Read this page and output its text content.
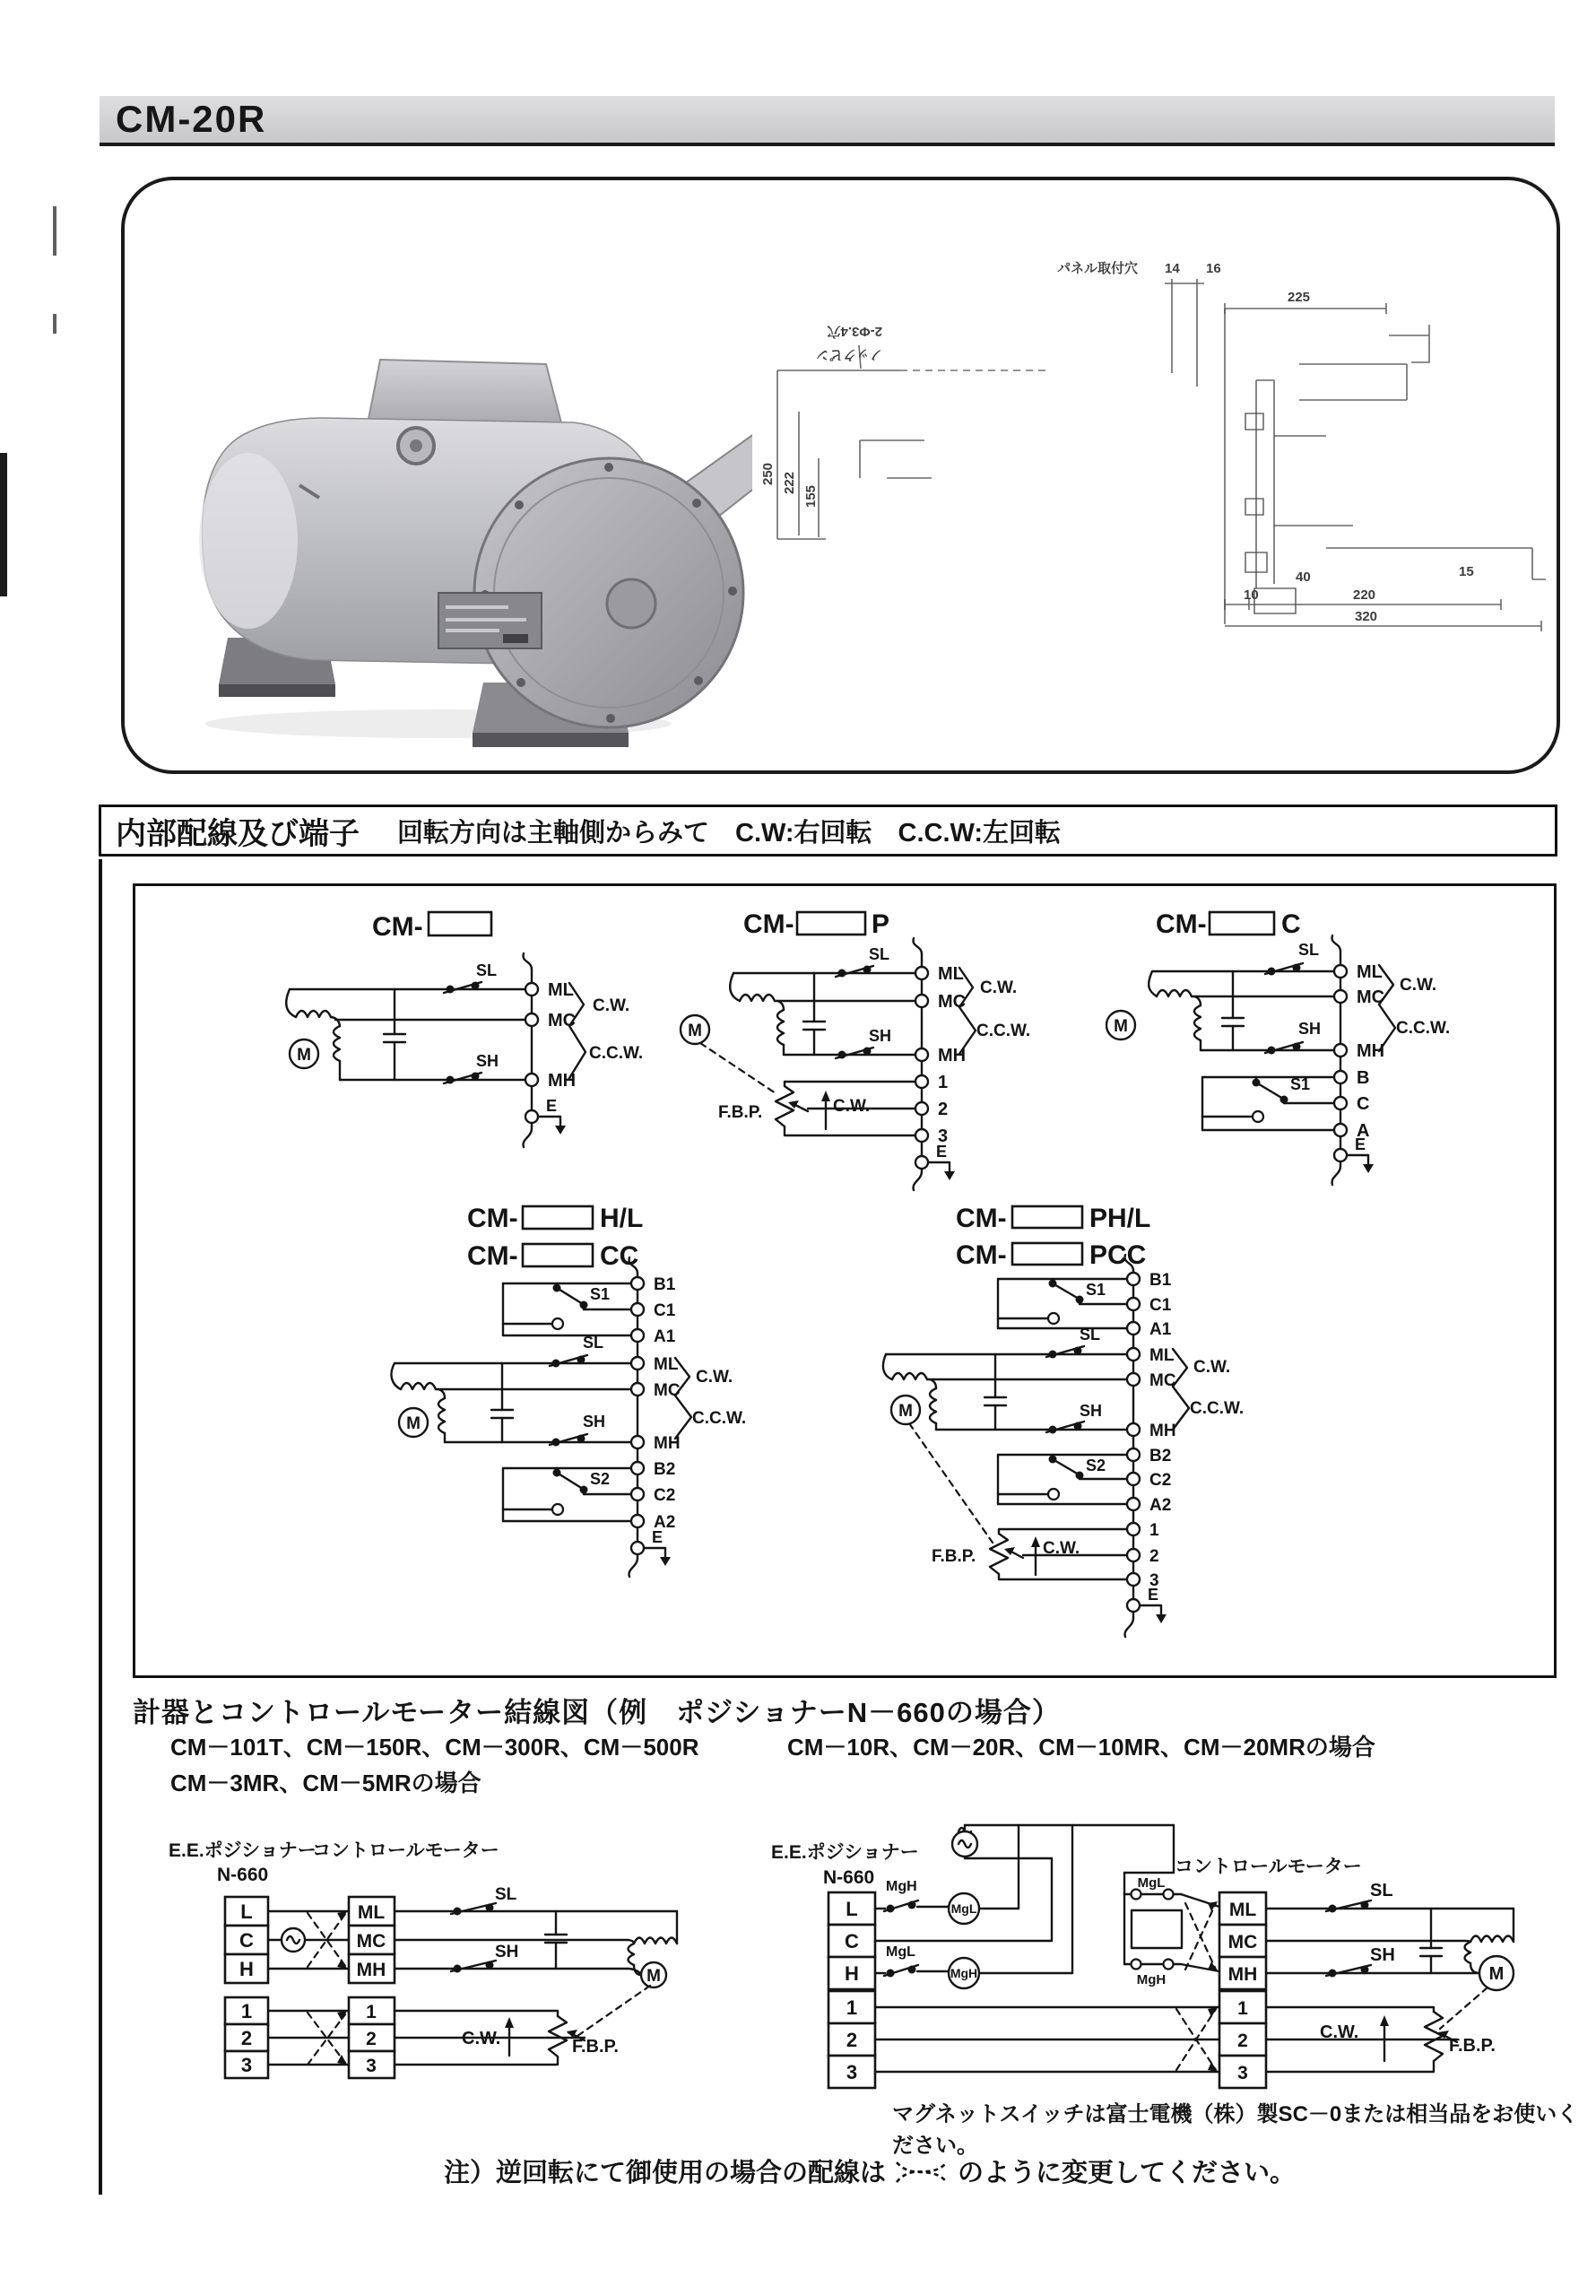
CM-20R
2-Φ3.4穴
ノックピン
250 222
155
パネル取付穴 14 16
225
15
40
10	220
320
内部配線及び端子 回転方向は主軸側からみて　C.W:右回転　C.C.W:左回転
CM-
M
ML
MC
MH
E
SL
SH
C.W.
C.C.W.
CM-	P
M
ML
MC
MH
1
2
3
E
SL
SH
C.W.
C.C.W.
C.W.
F.B.P.
CM-	C
M
ML
MC
MH
B
C
A
E
SL
SH
S1
C.W.
C.C.W.
CM-	H/L
CM-	CC
M
B1
C1
A1
ML
MC
MH
B2
C2
A2
E
S1
SL
SH
S2
C.W.
C.C.W.
CM-	PH/L
CM-	PCC
M
B1
C1
A1
ML
MC
MH
B2
C2
A2
1
2
3
E
S1
SL
SH
S2
C.W.
C.C.W.
C.W.
F.B.P.
計器とコントロールモーター結線図（例　ポジショナーN－660の場合）
CM－101T、CM－150R、CM－300R、CM－500R
CM－3MR、CM－5MRの場合
CM－10R、CM－20R、CM－10MR、CM－20MRの場合
E.E.ポジショナー
コントロールモーター
N-660
L
C
H
1
2
3
ML
MC
MH
1
2
3
M
SL
SH
C.W.	F.B.P.
E.E.ポジショナー
N-660
コントロールモーター
L
C
H
1
2
3
ML
MC
MH
1
2
3
MgL
MgH
MgH
MgL
MgL
MgH	M
SL
SH
C.W.
F.B.P.
マグネットスイッチは富士電機（株）製SC－0または相当品をお使いください。
注）逆回転にて御使用の場合の配線は	のように変更してください。
